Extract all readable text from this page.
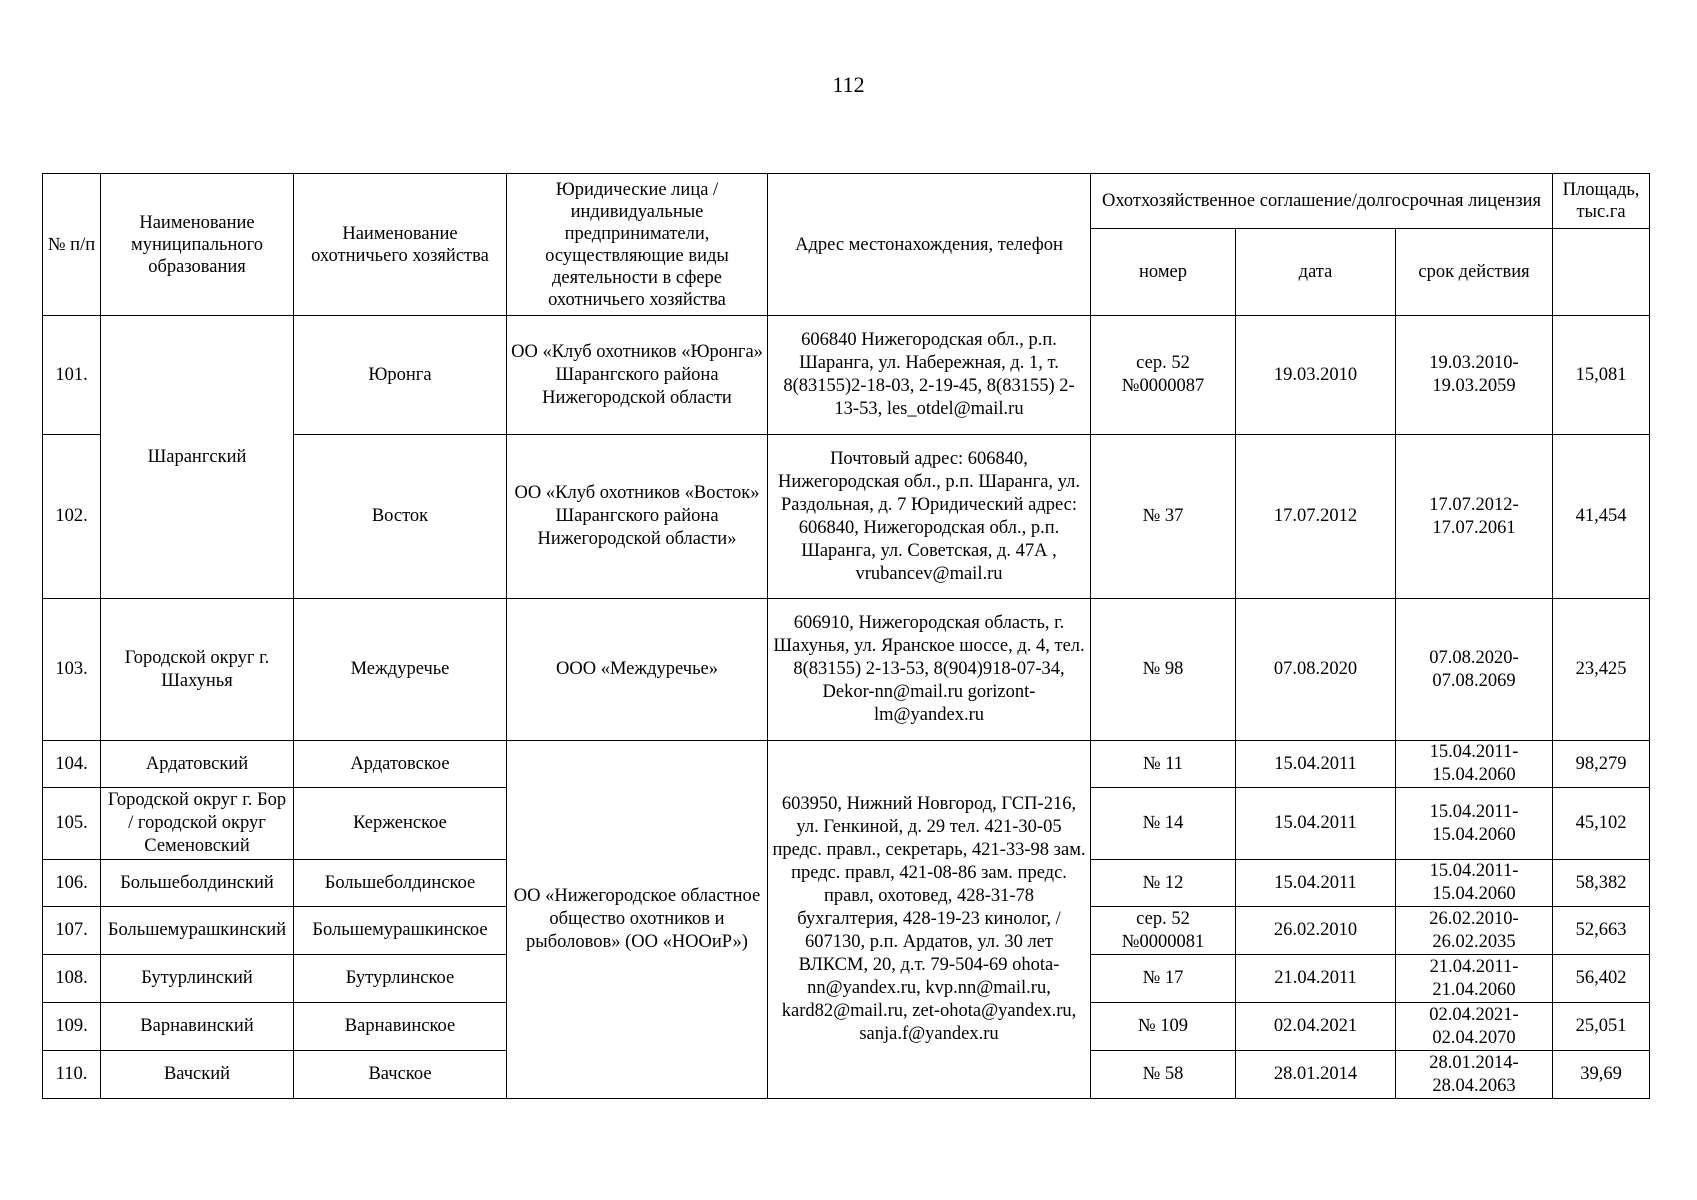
112
№ п/п	Наименование муниципального образования	Наименование охотничьего хозяйства	Юридические лица / индивидуальные предприниматели, осуществляющие виды деятельности в сфере охотничьего хозяйства	Адрес местонахождения, телефон	Охотхозяйственное соглашение/долгосрочная лицензия			Площадь, тыс.га
					номер	дата	срок действия	
101.	Шарангский	Юронга	ОО «Клуб охотников «Юронга» Шарангского района Нижегородской области	606840 Нижегородская обл., р.п. Шаранга, ул. Набережная, д. 1, т. 8(83155)2-18-03, 2-19-45, 8(83155) 2-13-53, les_otdel@mail.ru	сер. 52 №0000087	19.03.2010	19.03.2010-19.03.2059	15,081
102.		Восток	ОО «Клуб охотников «Восток» Шарангского района Нижегородской области»	Почтовый адрес: 606840, Нижегородская обл., р.п. Шаранга, ул. Раздольная, д. 7 Юридический адрес: 606840, Нижегородская обл., р.п. Шаранга, ул. Советская, д. 47А , vrubancev@mail.ru	№ 37	17.07.2012	17.07.2012-17.07.2061	41,454
103.	Городской округ г. Шахунья	Междуречье	ООО «Междуречье»	606910, Нижегородская область, г. Шахунья, ул. Яранское шоссе, д. 4, тел. 8(83155) 2-13-53, 8(904)918-07-34, Dekor-nn@mail.ru gorizont-lm@yandex.ru	№ 98	07.08.2020	07.08.2020-07.08.2069	23,425
104.	Ардатовский	Ардатовское	ОО «Нижегородское областное общество охотников и рыболовов» (ОО «НООиР»)	603950, Нижний Новгород, ГСП-216, ул. Генкиной, д. 29 тел. 421-30-05 предс. правл., секретарь, 421-33-98 зам. предс. правл, 421-08-86 зам. предс. правл, охотовед, 428-31-78 бухгалтерия, 428-19-23 кинолог, / 607130, р.п. Ардатов, ул. 30 лет ВЛКСМ, 20, д.т. 79-504-69 ohota-nn@yandex.ru, kvp.nn@mail.ru, kard82@mail.ru, zet-ohota@yandex.ru, sanja.f@yandex.ru	№ 11	15.04.2011	15.04.2011-15.04.2060	98,279
105.	Городской округ г. Бор / городской округ Семеновский	Керженское			№ 14	15.04.2011	15.04.2011-15.04.2060	45,102
106.	Большеболдинский	Большеболдинское			№ 12	15.04.2011	15.04.2011-15.04.2060	58,382
107.	Большемурашкинский	Большемурашкинское			сер. 52 №0000081	26.02.2010	26.02.2010-26.02.2035	52,663
108.	Бутурлинский	Бутурлинское			№ 17	21.04.2011	21.04.2011-21.04.2060	56,402
109.	Варнавинский	Варнавинское			№ 109	02.04.2021	02.04.2021-02.04.2070	25,051
110.	Вачский	Вачское			№ 58	28.01.2014	28.01.2014-28.04.2063	39,69
